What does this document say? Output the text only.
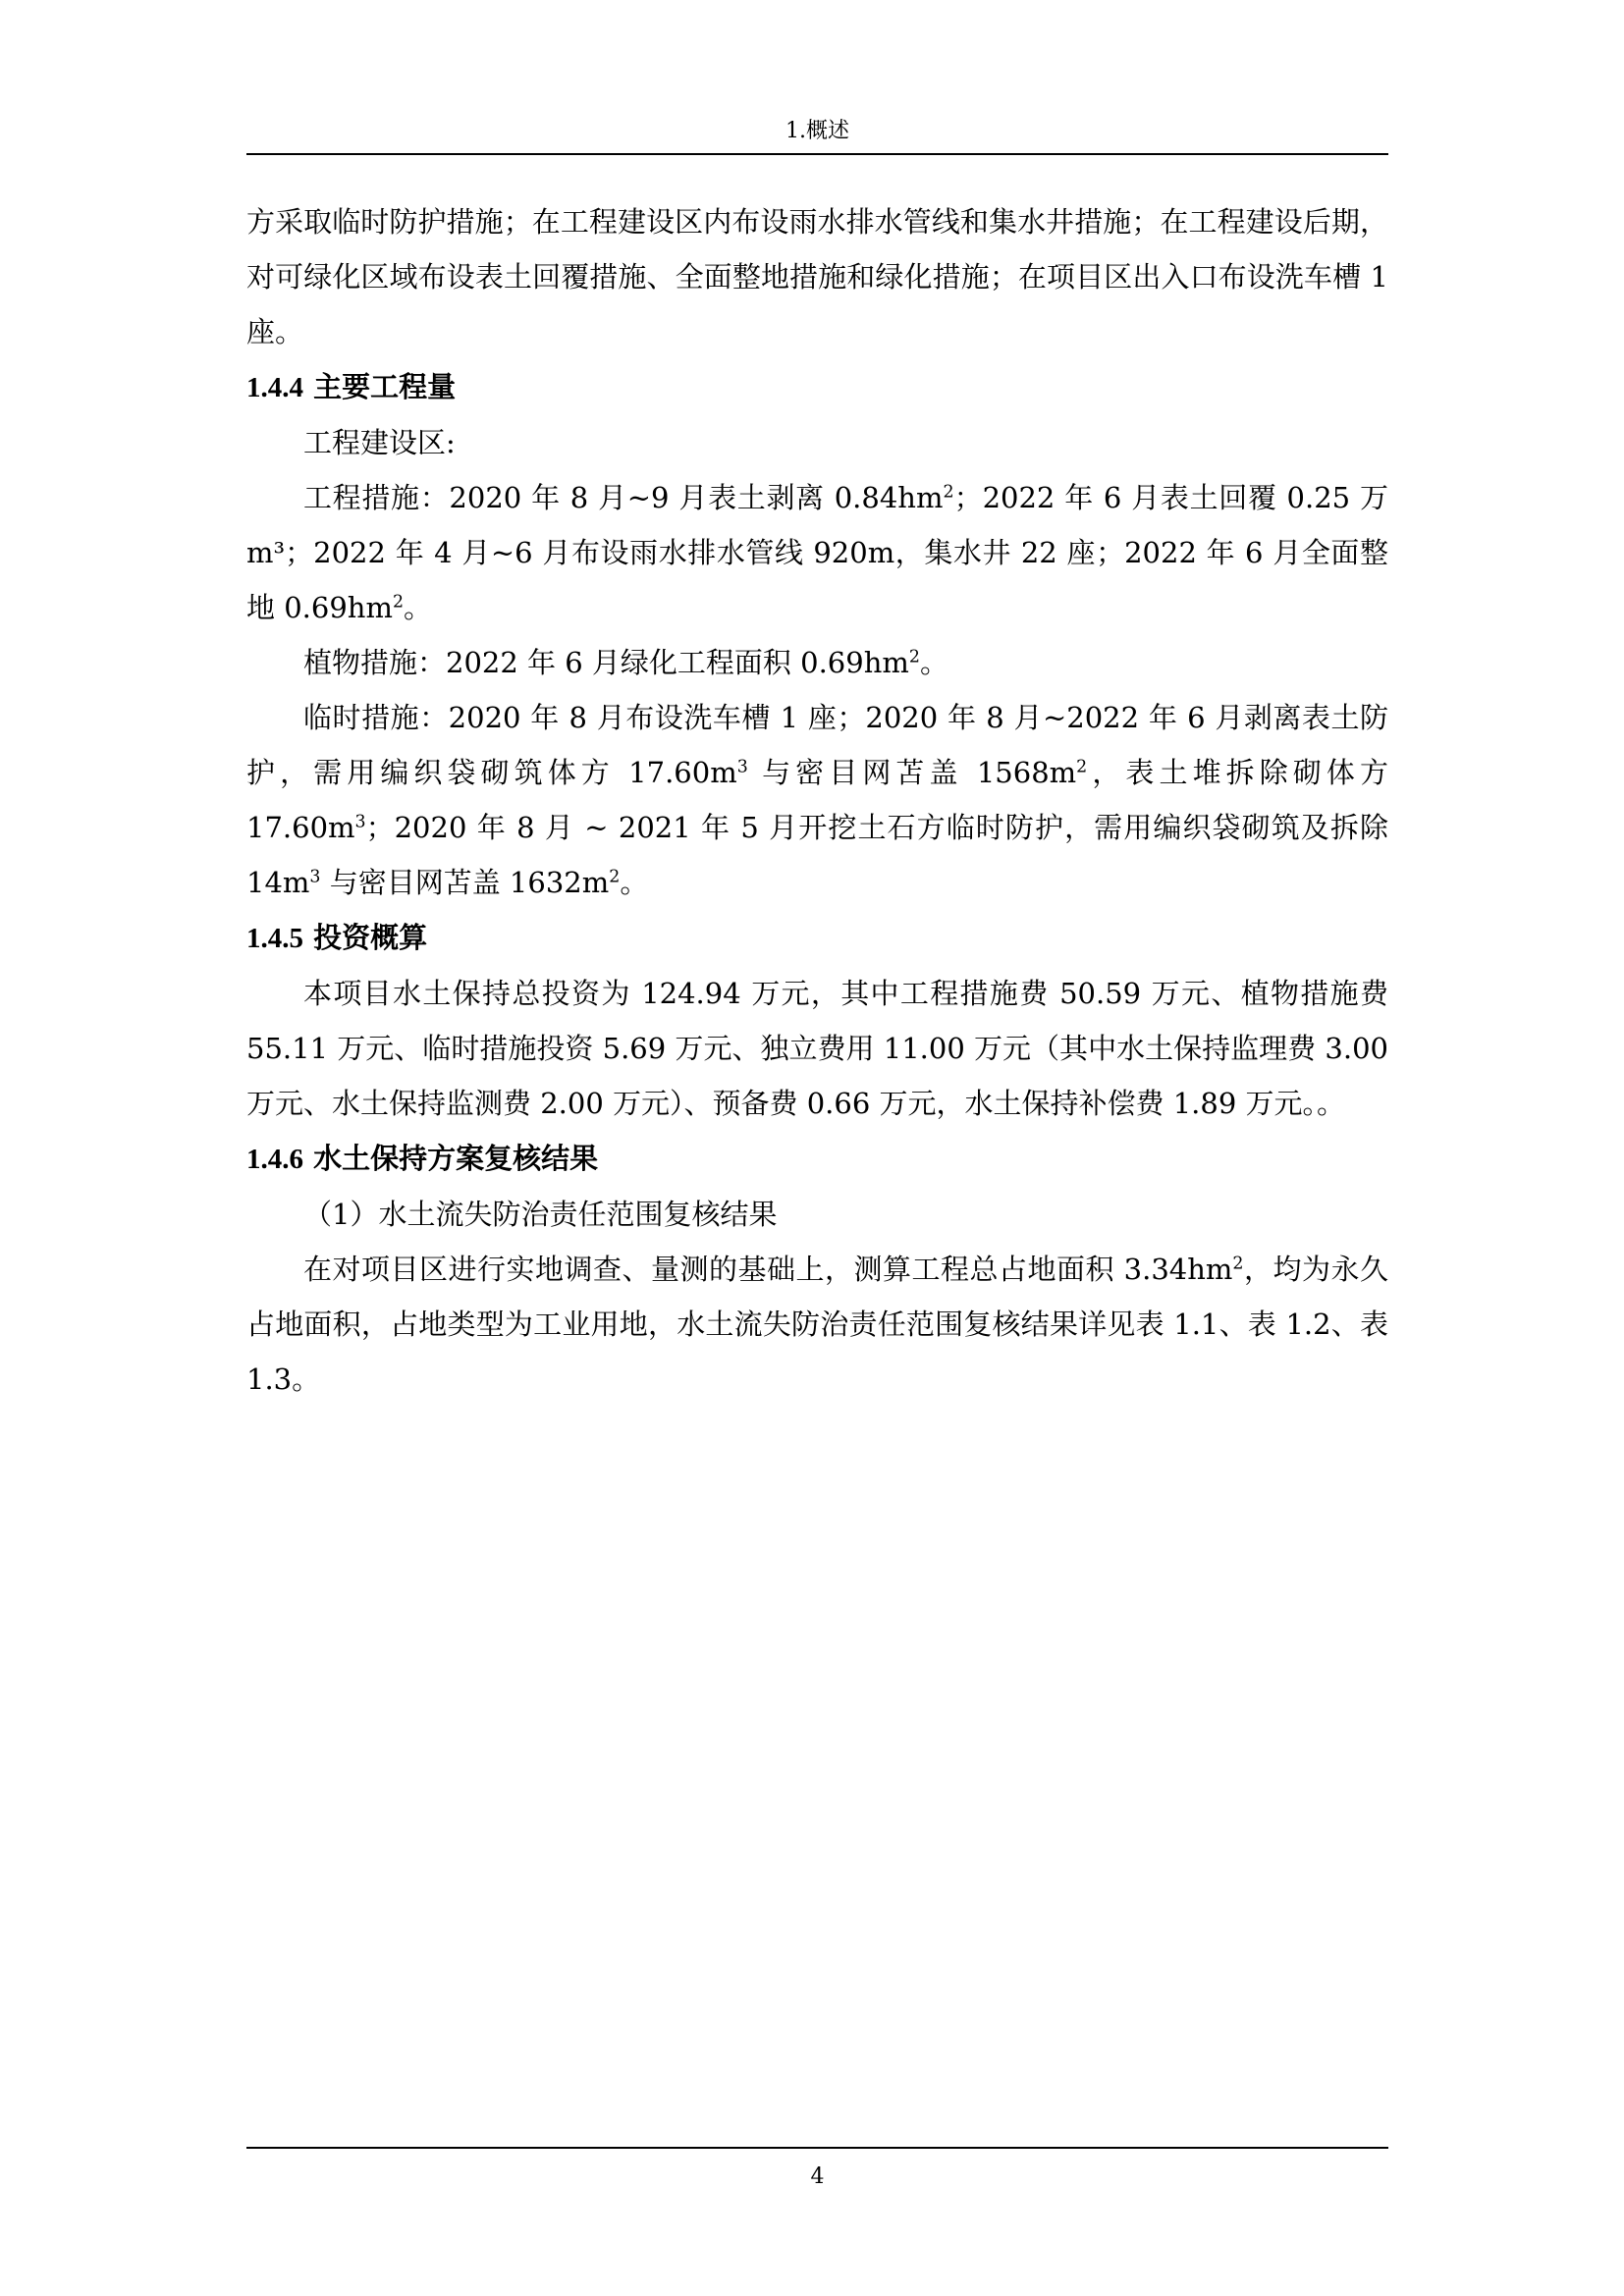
1.概述

方采取临时防护措施；在工程建设区内布设雨水排水管线和集水井措施；在工程建设后期，对可绿化区域布设表土回覆措施、全面整地措施和绿化措施；在项目区出入口布设洗车槽 1 座。

1.4.4 主要工程量

工程建设区:

工程措施：2020 年 8 月~9 月表土剥离 $0.84hm^2$；2022 年 6 月表土回覆 0.25 万 m³；2022 年 4 月~6 月布设雨水排水管线 920m，集水井 22 座；2022 年 6 月全面整地 $0.69hm^2$。

植物措施：2022 年 6 月绿化工程面积 $0.69hm^2$。

临时措施：2020 年 8 月布设洗车槽 1 座；2020 年 8 月~2022 年 6 月剥离表土防护，需用编织袋砌筑体方 $17.60m^3$ 与密目网苫盖 $1568m^2$，表土堆拆除砌体方 $17.60m^3$；2020 年 8 月 ~ 2021 年 5 月开挖土石方临时防护，需用编织袋砌筑及拆除 $14m^3$ 与密目网苫盖 $1632m^2$。

1.4.5 投资概算

本项目水土保持总投资为 124.94 万元，其中工程措施费 50.59 万元、植物措施费 55.11 万元、临时措施投资 5.69 万元、独立费用 11.00 万元（其中水土保持监理费 3.00 万元、水土保持监测费 2.00 万元）、预备费 0.66 万元，水土保持补偿费 1.89 万元。。

1.4.6 水土保持方案复核结果

（1）水土流失防治责任范围复核结果

在对项目区进行实地调查、量测的基础上，测算工程总占地面积 $3.34hm^2$，均为永久占地面积，占地类型为工业用地，水土流失防治责任范围复核结果详见表 1.1、表 1.2、表 1.3。

4
